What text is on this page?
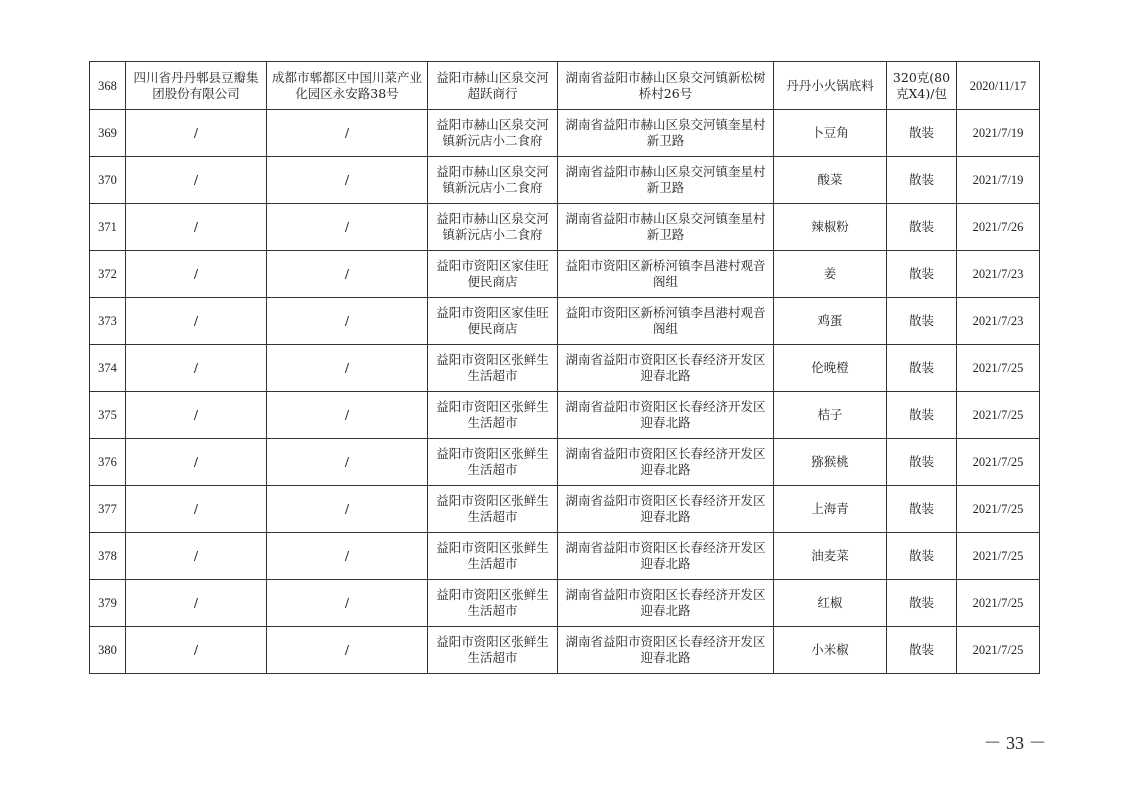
368	四川省丹丹郫县豆瓣集团股份有限公司	成都市郫都区中国川菜产业化园区永安路38号	益阳市赫山区泉交河超跃商行	湖南省益阳市赫山区泉交河镇新松树桥村26号	丹丹小火锅底料	320克(80克X4)/包	2020/11/17
369	/	/	益阳市赫山区泉交河镇新沅店小二食府	湖南省益阳市赫山区泉交河镇奎星村新卫路	卜豆角	散装	2021/7/19
370	/	/	益阳市赫山区泉交河镇新沅店小二食府	湖南省益阳市赫山区泉交河镇奎星村新卫路	酸菜	散装	2021/7/19
371	/	/	益阳市赫山区泉交河镇新沅店小二食府	湖南省益阳市赫山区泉交河镇奎星村新卫路	辣椒粉	散装	2021/7/26
372	/	/	益阳市资阳区家佳旺便民商店	益阳市资阳区新桥河镇李昌港村观音阁组	姜	散装	2021/7/23
373	/	/	益阳市资阳区家佳旺便民商店	益阳市资阳区新桥河镇李昌港村观音阁组	鸡蛋	散装	2021/7/23
374	/	/	益阳市资阳区张鲜生生活超市	湖南省益阳市资阳区长春经济开发区迎春北路	伦晚橙	散装	2021/7/25
375	/	/	益阳市资阳区张鲜生生活超市	湖南省益阳市资阳区长春经济开发区迎春北路	桔子	散装	2021/7/25
376	/	/	益阳市资阳区张鲜生生活超市	湖南省益阳市资阳区长春经济开发区迎春北路	猕猴桃	散装	2021/7/25
377	/	/	益阳市资阳区张鲜生生活超市	湖南省益阳市资阳区长春经济开发区迎春北路	上海青	散装	2021/7/25
378	/	/	益阳市资阳区张鲜生生活超市	湖南省益阳市资阳区长春经济开发区迎春北路	油麦菜	散装	2021/7/25
379	/	/	益阳市资阳区张鲜生生活超市	湖南省益阳市资阳区长春经济开发区迎春北路	红椒	散装	2021/7/25
380	/	/	益阳市资阳区张鲜生生活超市	湖南省益阳市资阳区长春经济开发区迎春北路	小米椒	散装	2021/7/25
－ 33 －
